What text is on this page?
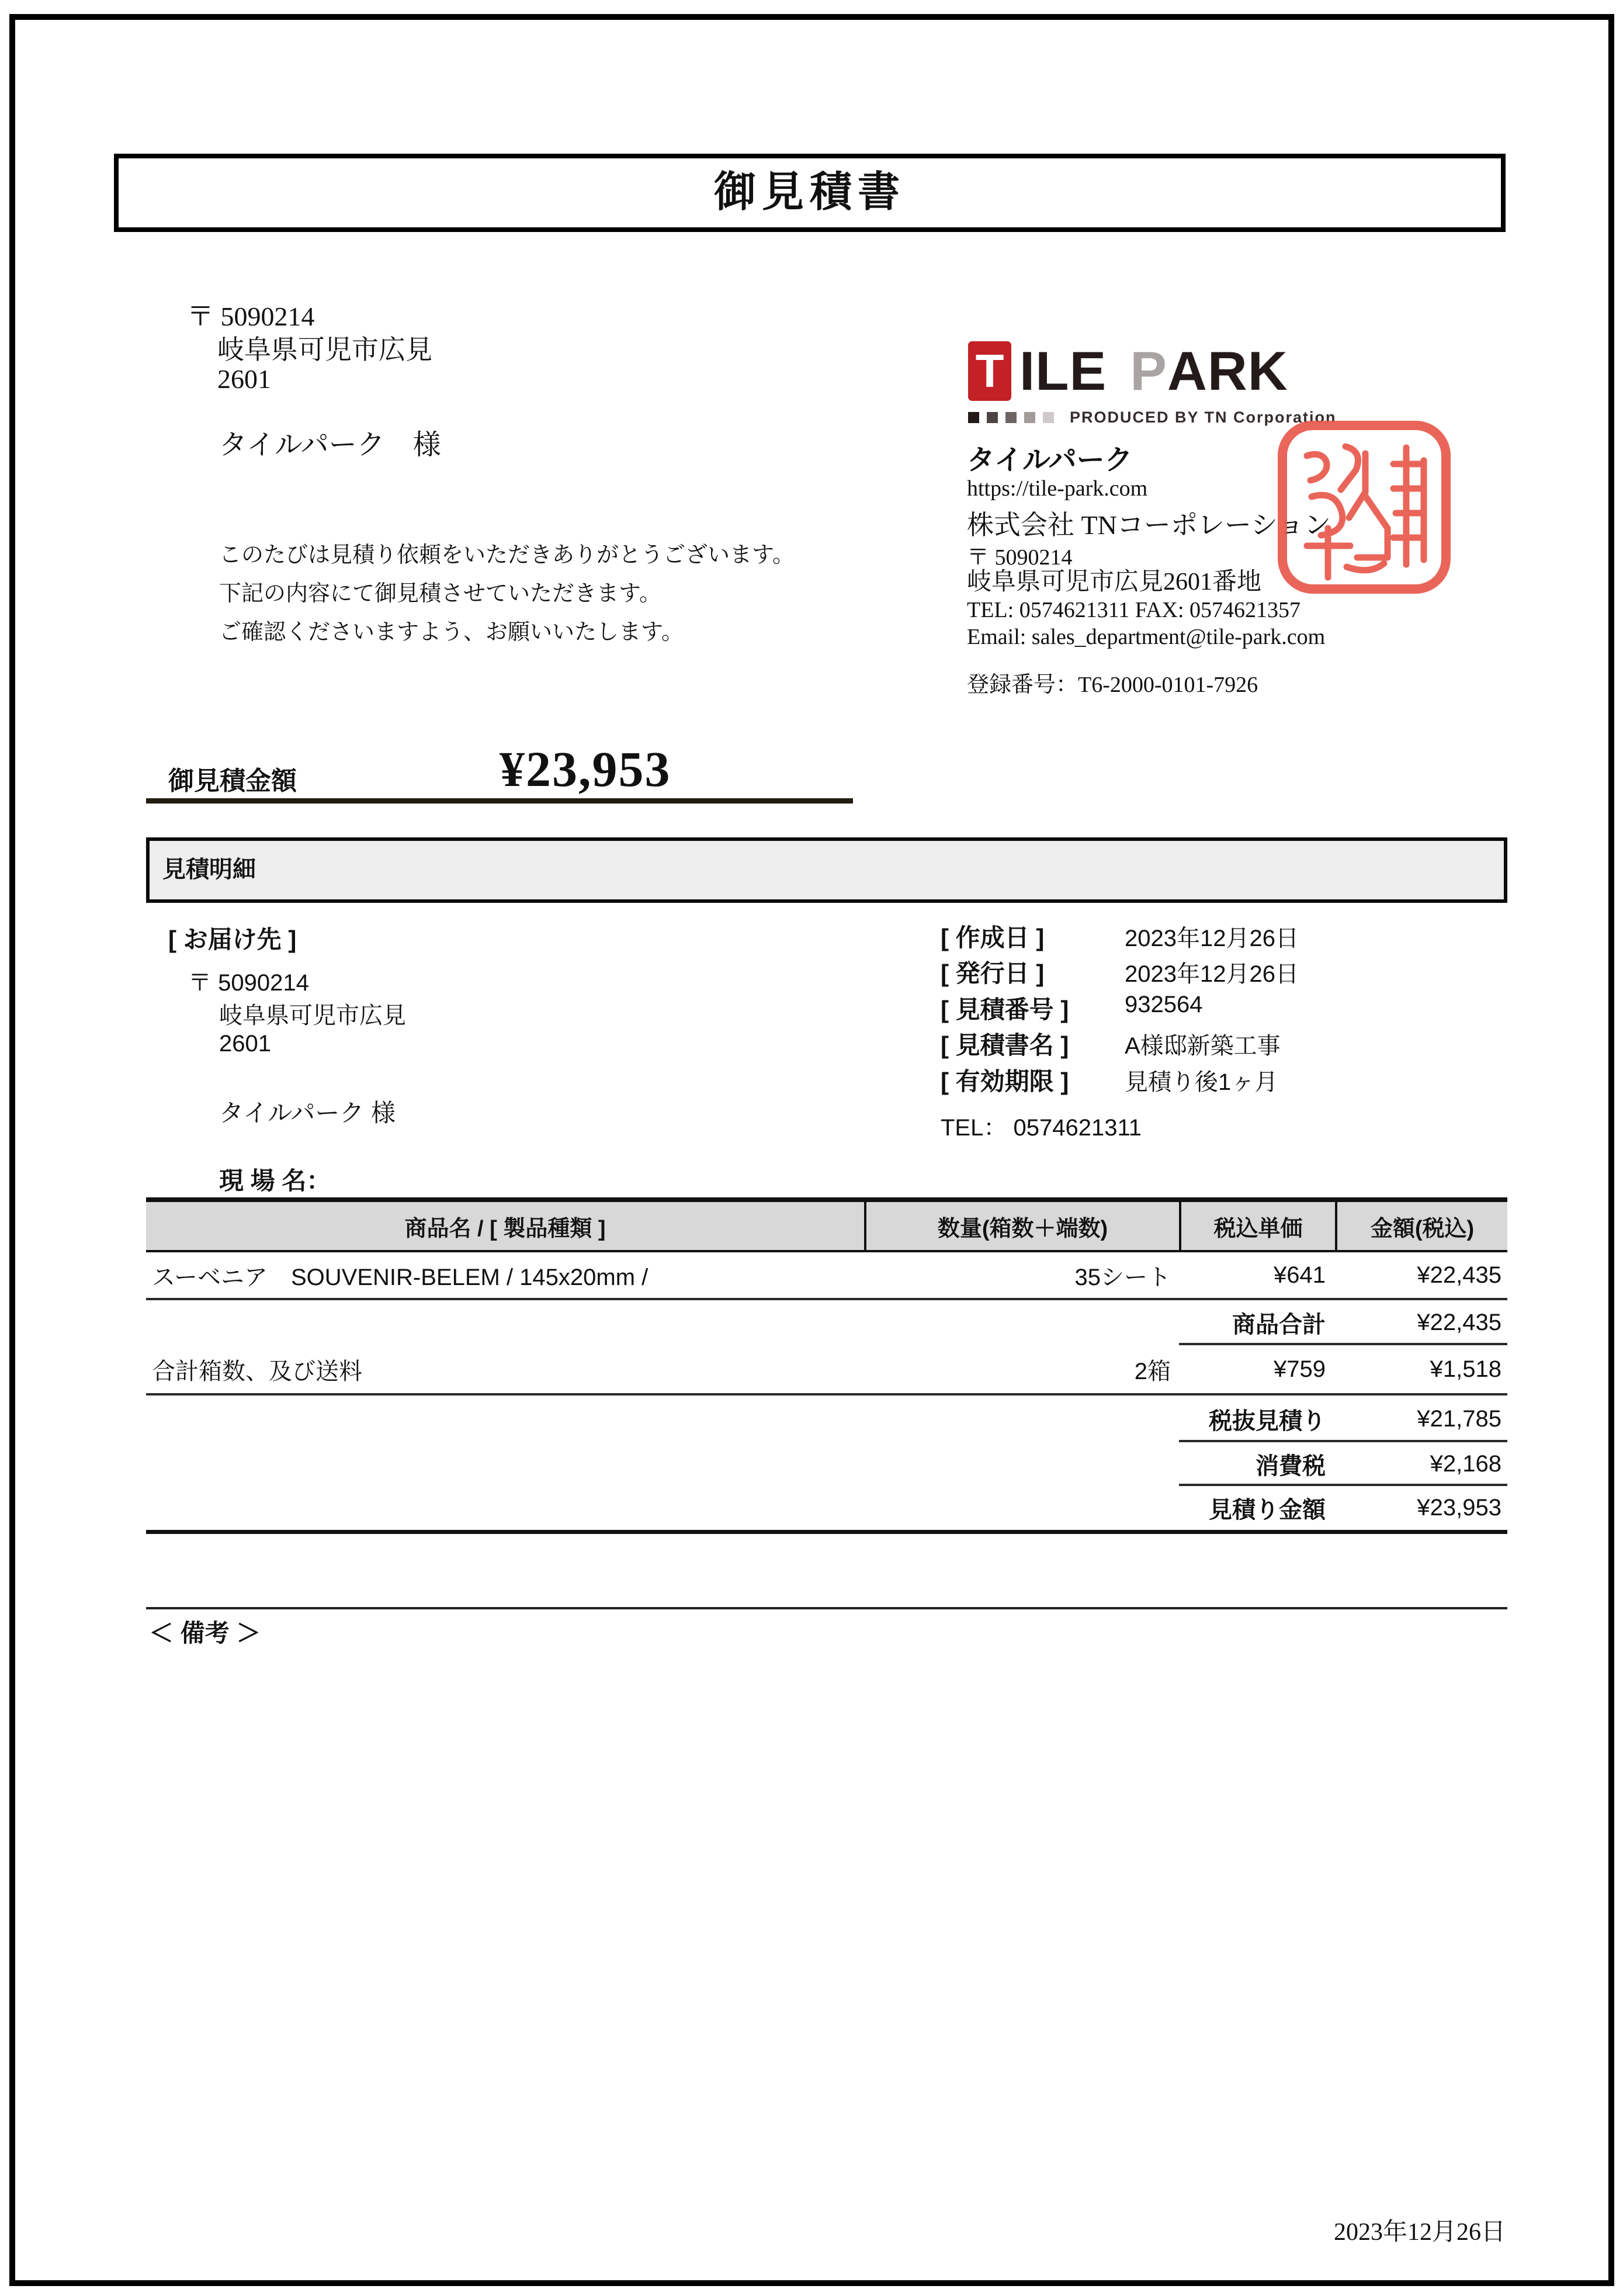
御見積書
〒 5090214
岐阜県可児市広見
2601
タイルパーク　様
このたびは見積り依頼をいただきありがとうございます。
下記の内容にて御見積させていただきます。
ご確認くださいますよう、お願いいたします。
T ILE P ARK
PRODUCED BY TN Corporation
タイルパーク
https://tile-park.com
株式会社 TNコーポレーション
〒 5090214
岐阜県可児市広見2601番地
TEL: 0574621311 FAX: 0574621357
Email: sales_department@tile-park.com
登録番号：T6-2000-0101-7926
御見積金額	¥23,953
見積明細
[ お届け先 ]
〒 5090214
岐阜県可児市広見
2601
タイルパーク 様
現 場 名：
[ 作成日 ]	2023年12月26日
[ 発行日 ]	2023年12月26日
[ 見積番号 ] 932564
[ 見積書名 ] A様邸新築工事
[ 有効期限 ] 見積り後1ヶ月
TEL： 0574621311
商品名 / [ 製品種類 ]	数量(箱数＋端数)	税込単価	金額(税込)
スーベニア　SOUVENIR-BELEM / 145x20mm /	35シート	¥641	¥22,435
商品合計	¥22,435
合計箱数、及び送料	2箱	¥759	¥1,518
税抜見積り	¥21,785
消費税	¥2,168
見積り金額	¥23,953
＜ 備考 ＞
2023年12月26日
